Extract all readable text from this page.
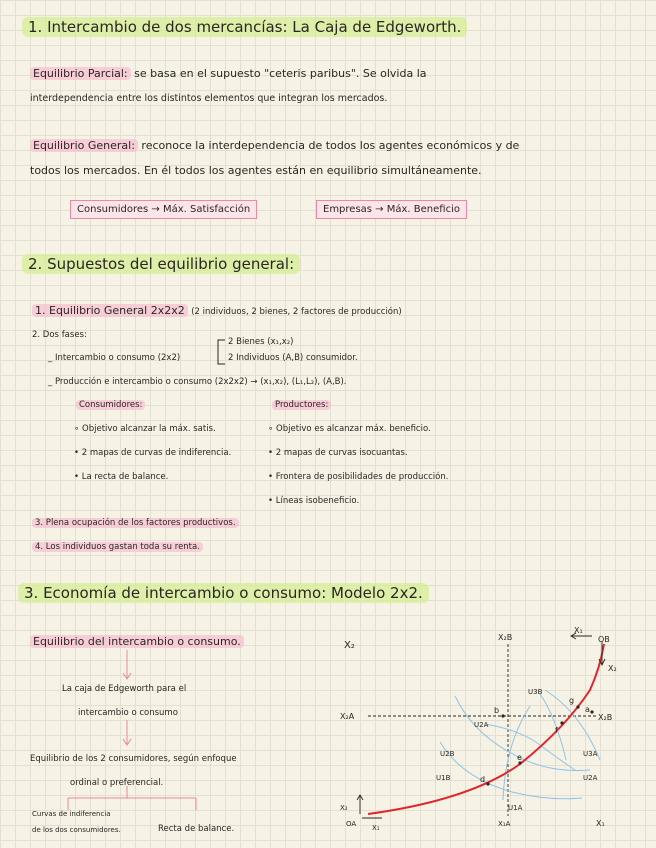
1. Intercambio de dos mercancías: La Caja de Edgeworth.
Equilibrio Parcial: se basa en el supuesto "ceteris paribus". Se olvida la
interdependencia entre los distintos elementos que integran los mercados.
Equilibrio General: reconoce la interdependencia de todos los agentes económicos y de
todos los mercados. En él todos los agentes están en equilibrio simultáneamente.
Consumidores → Máx. Satisfacción	Empresas → Máx. Beneficio
2. Supuestos del equilibrio general:
1. Equilibrio General 2x2x2 (2 individuos, 2 bienes, 2 factores de producción)
2. Dos fases:
_ Intercambio o consumo (2x2)
2 Bienes (x₁,x₂)
2 Individuos (A,B) consumidor.
_ Producción e intercambio o consumo (2x2x2) → (x₁,x₂), (L₁,L₂), (A,B).
Consumidores:
∘ Objetivo alcanzar la máx. satis.
• 2 mapas de curvas de indiferencia.
• La recta de balance.
Productores:
∘ Objetivo es alcanzar máx. beneficio.
• 2 mapas de curvas isocuantas.
• Frontera de posibilidades de producción.
• Líneas isobeneficio.
3. Plena ocupación de los factores productivos.
4. Los individuos gastan toda su renta.
3. Economía de intercambio o consumo: Modelo 2x2.
Equilibrio del intercambio o consumo.
La caja de Edgeworth para el
intercambio o consumo
Equilibrio de los 2 consumidores, según enfoque
ordinal o preferencial.
Curvas de indiferencia
de los dos consumidores.	Recta de balance.
X₂
X₂B
X₁
OB
X₂
X₂A	X₂B
OA X₁
X₂
X₁A	X₁
U3B
U2A
U2B
U1B
U1A
U3A
U2A
b
e
f
g
a
d
